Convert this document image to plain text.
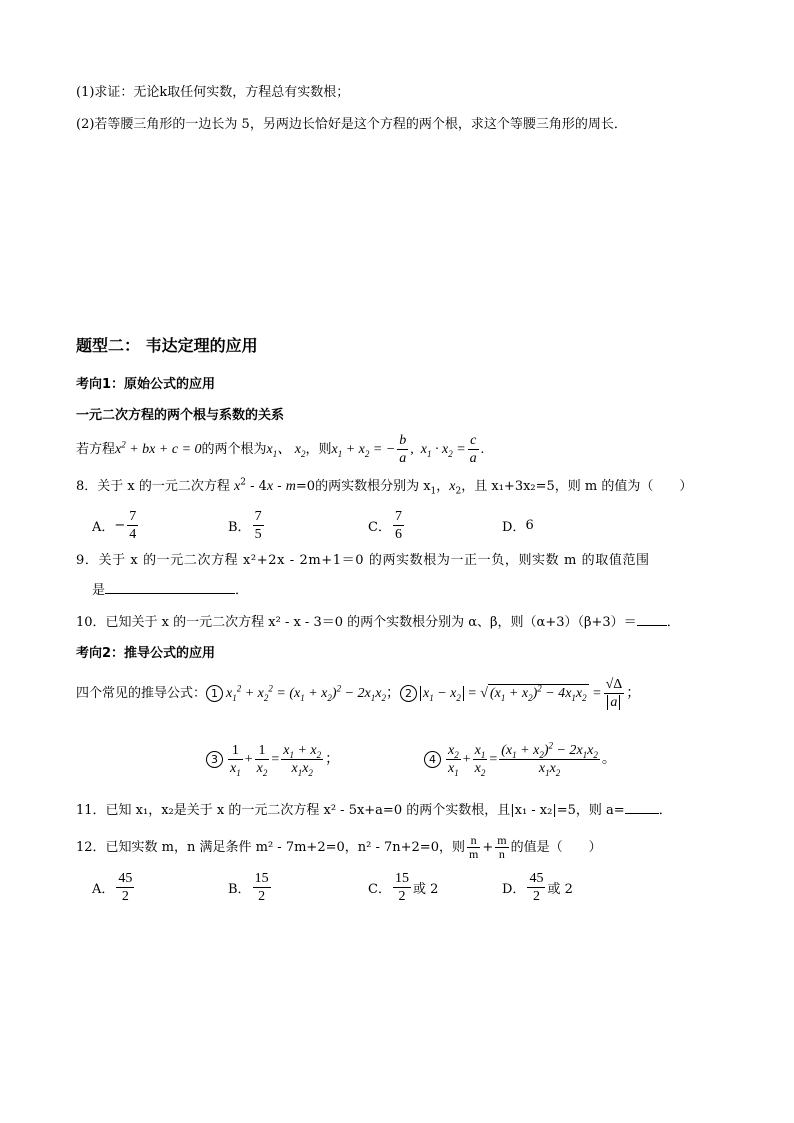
(1)求证：无论k取任何实数，方程总有实数根；
(2)若等腰三角形的一边长为 5，另两边长恰好是这个方程的两个根，求这个等腰三角形的周长．
题型二： 韦达定理的应用
考向1：原始公式的应用
一元二次方程的两个根与系数的关系
若方程 $x^2$ + bx + c = 0 的两个根为 $x_1$、 $x_2$ ，则 $x_1 + x_2$ = − $\frac{b}{a}$ , $x_1 \cdot x_2 = \frac{c}{a}$ .
8．关于 x 的一元二次方程 $x^2 - 4x - m=0$的两实数根分别为 $x_1$，$x_2$，且 x₁+3x₂=5，则 m 的值为（　　）
A． − $\frac{7}{4}$	B． $\frac{7}{5}$	C． $\frac{7}{6}$	D． 6
9．关于 x 的一元二次方程 x²+2x - 2m+1＝0 的两实数根为一正一负，则实数 m 的取值范围
是	．
10．已知关于 x 的一元二次方程 x² - x - 3＝0 的两个实数根分别为 α、β，则（α+3）（β+3）＝ ．
考向2：推导公式的应用
四个常见的推导公式： 1 $x_1^2 + x_2^2 = (x_1 + x_2)^2 - 2x_1x_2$ ； 2 $x_1 - x_2$ = √ $(x_1 + x_2)^2 - 4x_1x_2 = \frac{√\Delta}{a}$ ；
$3 \frac{1}{x_1} + \frac{1}{x_2} = \frac{x_1 + x_2}{x_1x_2}$ ；	$4 \frac{x_2}{x_1} + \frac{x_1}{x_2} = \frac{(x_1 + x_2)^2 - 2x_1x_2}{x_1x_2}$ 。
11．已知 x₁，x₂是关于 x 的一元二次方程 x² - 5x+a=0 的两个实数根，且|x₁ - x₂|=5，则 a=	．
12．已知实数 m，n 满足条件 m² - 7m+2=0，n² - 7n+2=0，则 $\frac{n}{m} + \frac{m}{n}$ 的值是（　　）
A． $\frac{45}{2}$	B． $\frac{15}{2}$	C． $\frac{15}{2}$ 或 2	D． $\frac{45}{2}$ 或 2
